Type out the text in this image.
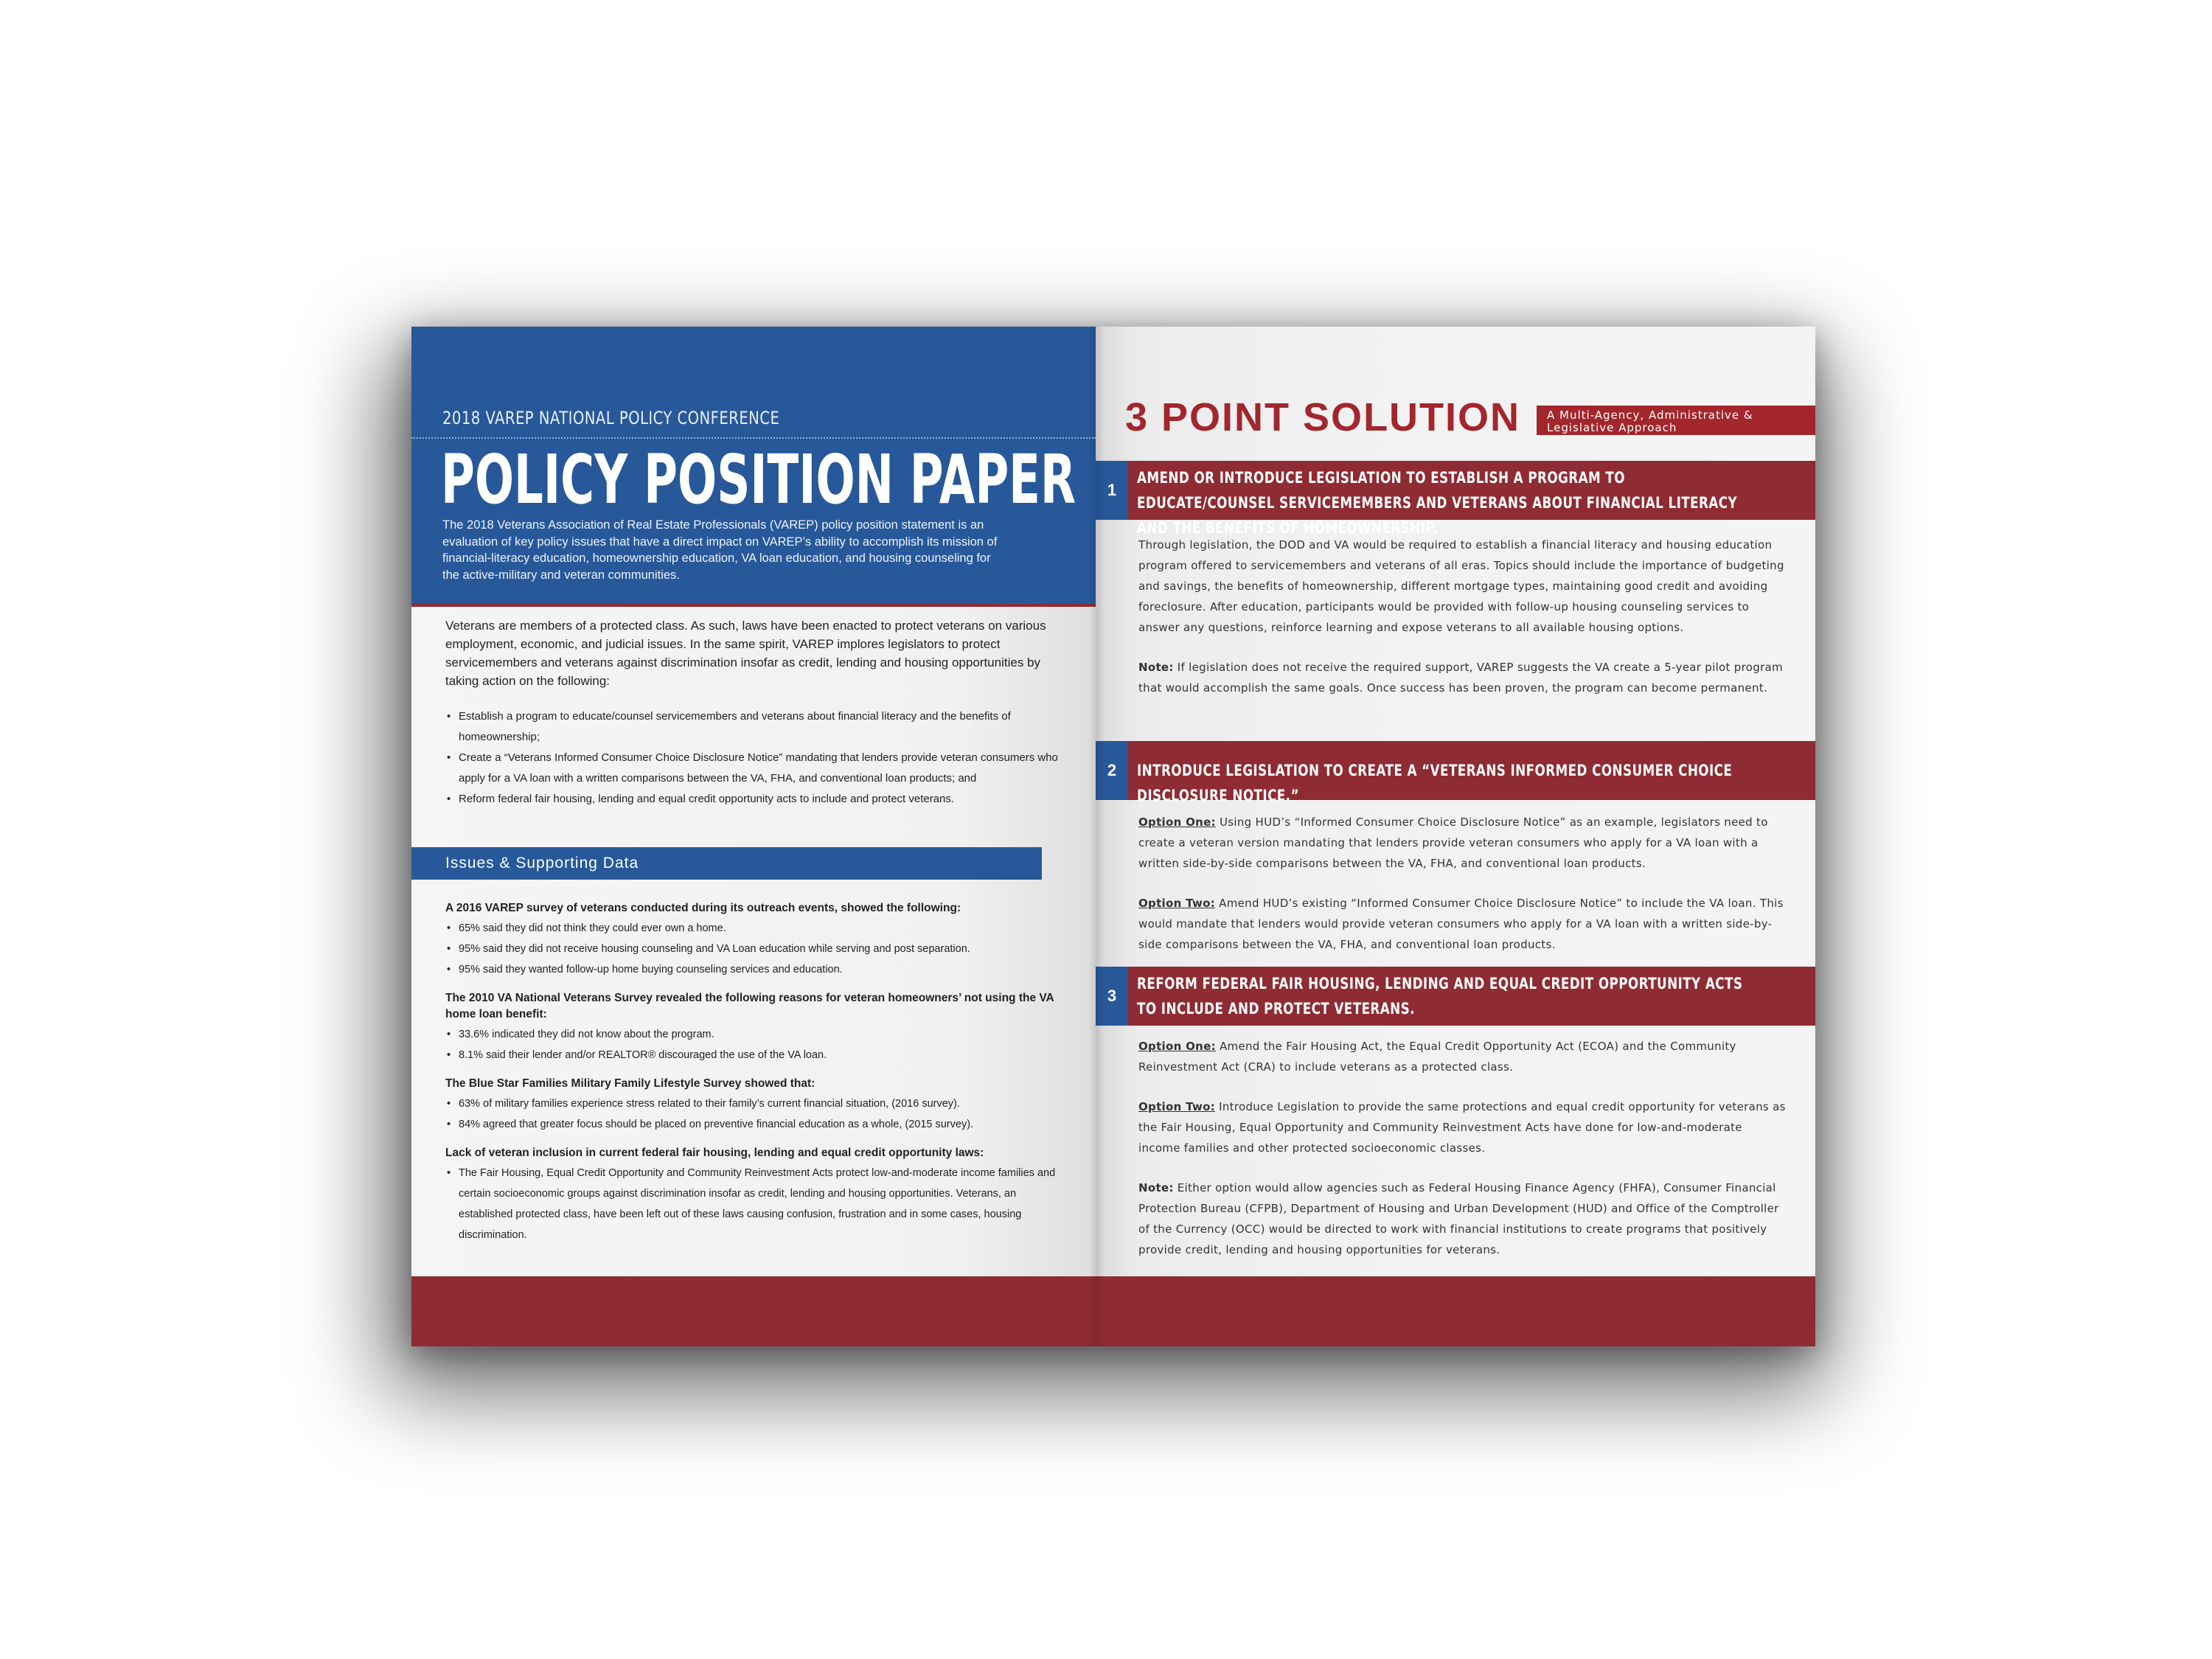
2018 VAREP NATIONAL POLICY CONFERENCE
POLICY POSITION PAPER
The 2018 Veterans Association of Real Estate Professionals (VAREP) policy position statement is an evaluation of key policy issues that have a direct impact on VAREP’s ability to accomplish its mission of financial-literacy education, homeownership education, VA loan education, and housing counseling for the active-military and veteran communities.

Veterans are members of a protected class. As such, laws have been enacted to protect veterans on various employment, economic, and judicial issues. In the same spirit, VAREP implores legislators to protect servicemembers and veterans against discrimination insofar as credit, lending and housing opportunities by taking action on the following:

• Establish a program to educate/counsel servicemembers and veterans about financial literacy and the benefits of homeownership;
• Create a “Veterans Informed Consumer Choice Disclosure Notice” mandating that lenders provide veteran consumers who apply for a VA loan with a written comparisons between the VA, FHA, and conventional loan products; and
• Reform federal fair housing, lending and equal credit opportunity acts to include and protect veterans.
Issues & Supporting Data
A 2016 VAREP survey of veterans conducted during its outreach events, showed the following:
• 65% said they did not think they could ever own a home.
• 95% said they did not receive housing counseling and VA Loan education while serving and post separation.
• 95% said they wanted follow-up home buying counseling services and education.
The 2010 VA National Veterans Survey revealed the following reasons for veteran homeowners’ not using the VA home loan benefit:
• 33.6% indicated they did not know about the program.
• 8.1% said their lender and/or REALTOR® discouraged the use of the VA loan.
The Blue Star Families Military Family Lifestyle Survey showed that:
• 63% of military families experience stress related to their family’s current financial situation, (2016 survey).
• 84% agreed that greater focus should be placed on preventive financial education as a whole, (2015 survey).
Lack of veteran inclusion in current federal fair housing, lending and equal credit opportunity laws:
• The Fair Housing, Equal Credit Opportunity and Community Reinvestment Acts protect low-and-moderate income families and certain socioeconomic groups against discrimination insofar as credit, lending and housing opportunities. Veterans, an established protected class, have been left out of these laws causing confusion, frustration and in some cases, housing discrimination.
3 POINT SOLUTION	A Multi-Agency, Administrative & Legislative Approach
1
AMEND OR INTRODUCE LEGISLATION TO ESTABLISH A PROGRAM TO EDUCATE/COUNSEL SERVICEMEMBERS AND VETERANS ABOUT FINANCIAL LITERACY AND THE BENEFITS OF HOMEOWNERSHIP.

Through legislation, the DOD and VA would be required to establish a financial literacy and housing education program offered to servicemembers and veterans of all eras. Topics should include the importance of budgeting and savings, the benefits of homeownership, different mortgage types, maintaining good credit and avoiding foreclosure. After education, participants would be provided with follow-up housing counseling services to answer any questions, reinforce learning and expose veterans to all available housing options.

Note: If legislation does not receive the required support, VAREP suggests the VA create a 5-year pilot program that would accomplish the same goals. Once success has been proven, the program can become permanent.

2	INTRODUCE LEGISLATION TO CREATE A “VETERANS INFORMED CONSUMER CHOICE DISCLOSURE NOTICE.”

Option One: Using HUD’s “Informed Consumer Choice Disclosure Notice” as an example, legislators need to create a veteran version mandating that lenders provide veteran consumers who apply for a VA loan with a written side-by-side comparisons between the VA, FHA, and conventional loan products.

Option Two: Amend HUD’s existing “Informed Consumer Choice Disclosure Notice” to include the VA loan. This would mandate that lenders would provide veteran consumers who apply for a VA loan with a written side-by-side comparisons between the VA, FHA, and conventional loan products.

3
REFORM FEDERAL FAIR HOUSING, LENDING AND EQUAL CREDIT OPPORTUNITY ACTS TO INCLUDE AND PROTECT VETERANS.

Option One: Amend the Fair Housing Act, the Equal Credit Opportunity Act (ECOA) and the Community Reinvestment Act (CRA) to include veterans as a protected class.

Option Two: Introduce Legislation to provide the same protections and equal credit opportunity for veterans as the Fair Housing, Equal Opportunity and Community Reinvestment Acts have done for low-and-moderate income families and other protected socioeconomic classes.

Note: Either option would allow agencies such as Federal Housing Finance Agency (FHFA), Consumer Financial Protection Bureau (CFPB), Department of Housing and Urban Development (HUD) and Office of the Comptroller of the Currency (OCC) would be directed to work with financial institutions to create programs that positively provide credit, lending and housing opportunities for veterans.
